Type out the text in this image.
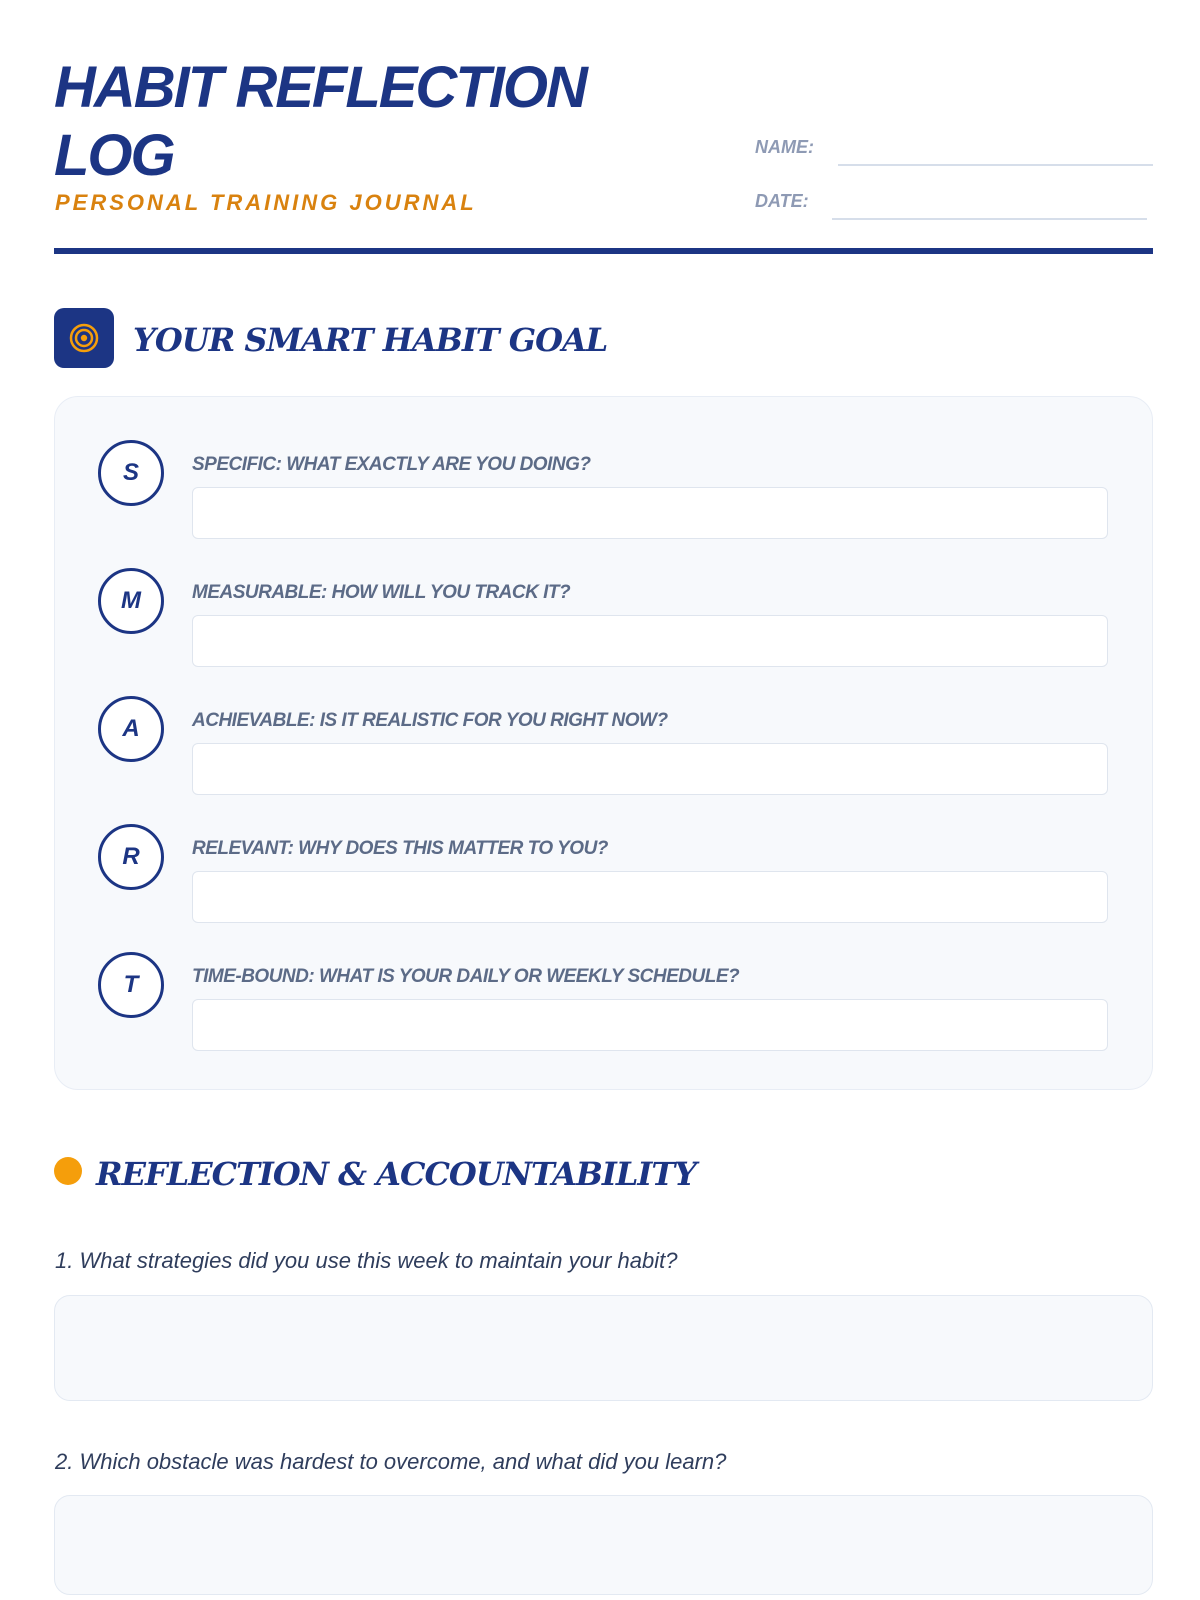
HABIT REFLECTION LOG
PERSONAL TRAINING JOURNAL
NAME:
DATE:
YOUR SMART HABIT GOAL
S	SPECIFIC: WHAT EXACTLY ARE YOU DOING?
M	MEASURABLE: HOW WILL YOU TRACK IT?
A	ACHIEVABLE: IS IT REALISTIC FOR YOU RIGHT NOW?
R	RELEVANT: WHY DOES THIS MATTER TO YOU?
T	TIME-BOUND: WHAT IS YOUR DAILY OR WEEKLY SCHEDULE?
REFLECTION & ACCOUNTABILITY
1. What strategies did you use this week to maintain your habit?
2. Which obstacle was hardest to overcome, and what did you learn?
